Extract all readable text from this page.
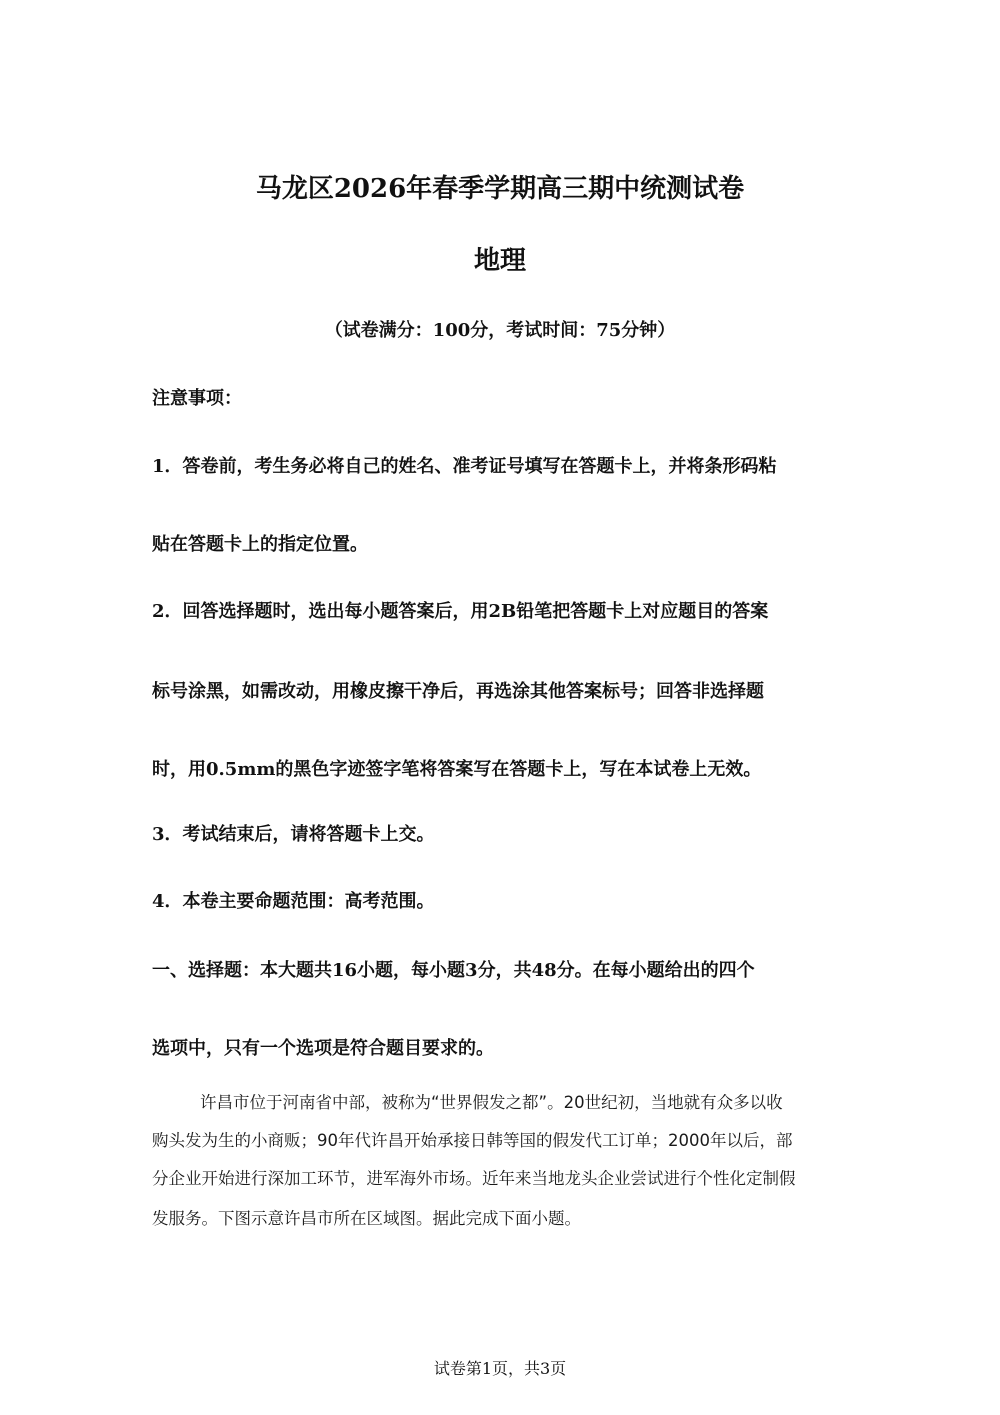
马龙区2026年春季学期高三期中统测试卷
地理
（试卷满分：100分，考试时间：75分钟）
注意事项：
1．答卷前，考生务必将自己的姓名、准考证号填写在答题卡上，并将条形码粘
贴在答题卡上的指定位置。
2．回答选择题时，选出每小题答案后，用2B铅笔把答题卡上对应题目的答案
标号涂黑，如需改动，用橡皮擦干净后，再选涂其他答案标号；回答非选择题
时，用0.5mm的黑色字迹签字笔将答案写在答题卡上，写在本试卷上无效。
3．考试结束后，请将答题卡上交。
4．本卷主要命题范围：高考范围。
一、选择题：本大题共16小题，每小题3分，共48分。在每小题给出的四个
选项中，只有一个选项是符合题目要求的。
许昌市位于河南省中部，被称为“世界假发之都”。20世纪初，当地就有众多以收
购头发为生的小商贩；90年代许昌开始承接日韩等国的假发代工订单；2000年以后，部
分企业开始进行深加工环节，进军海外市场。近年来当地龙头企业尝试进行个性化定制假
发服务。下图示意许昌市所在区域图。据此完成下面小题。
试卷第1页，共3页
